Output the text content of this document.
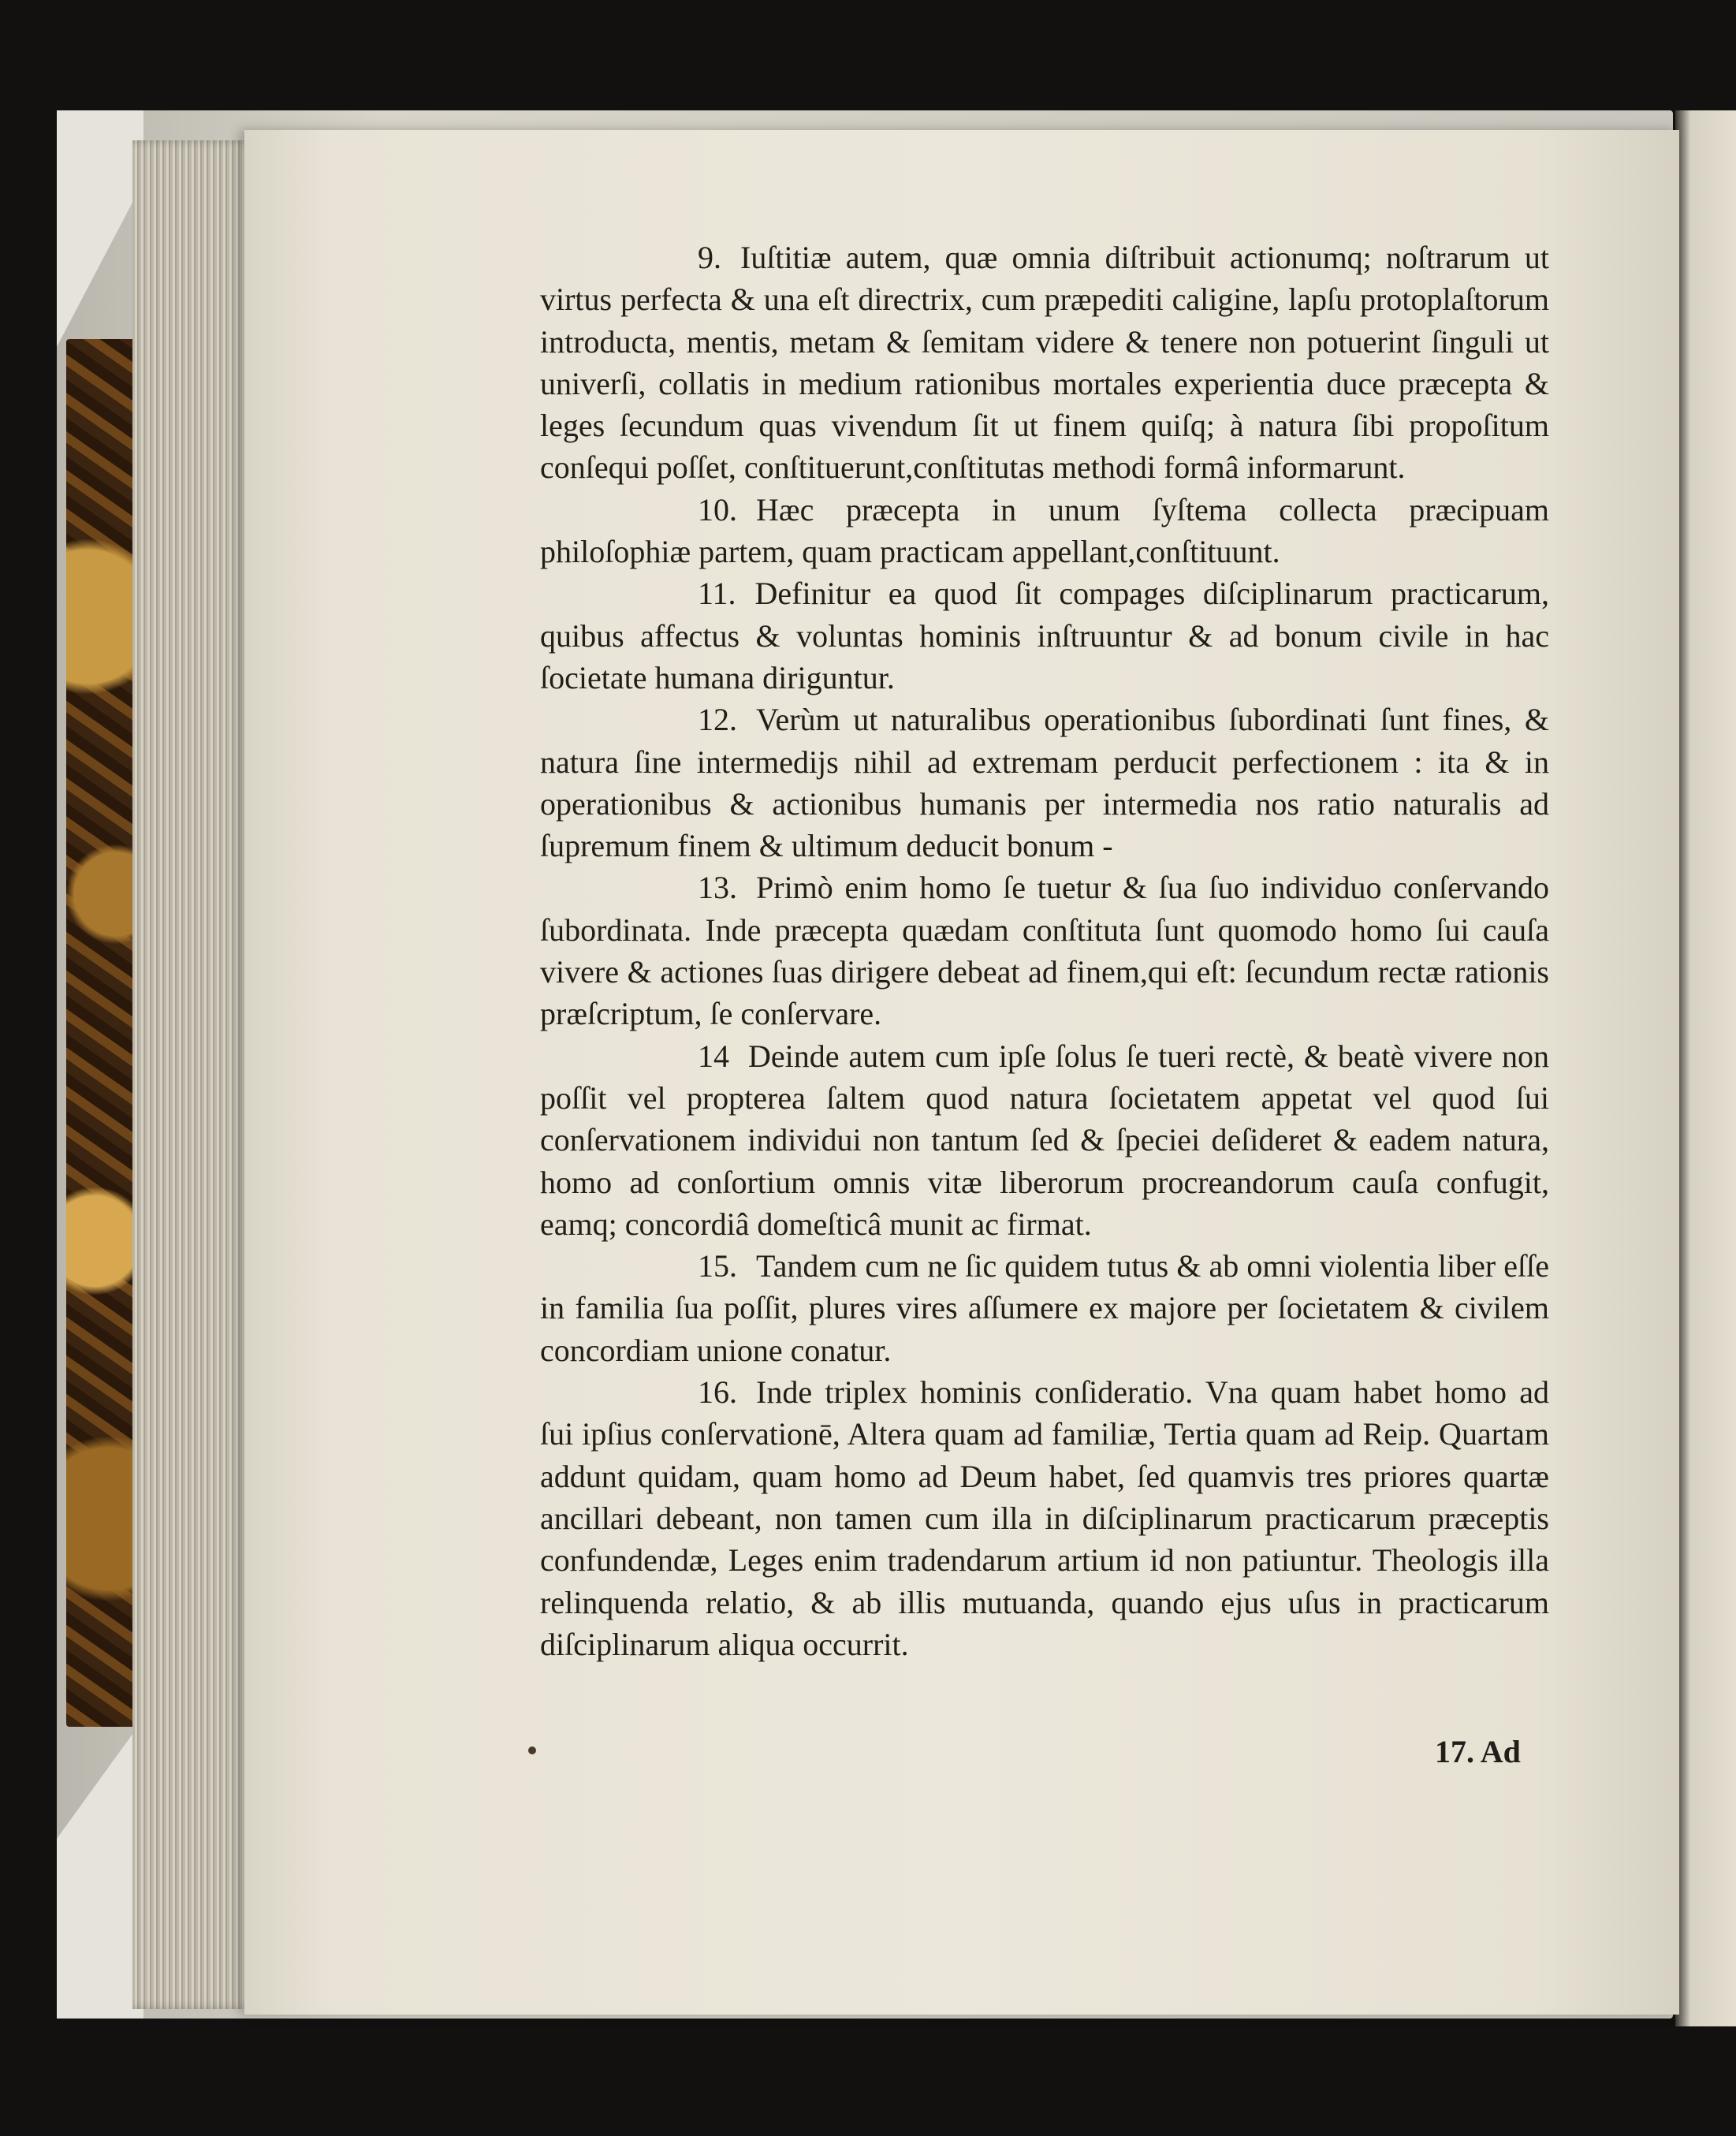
9. Iuſtitiæ autem, quæ omnia diſtribuit actionumq; noſtrarum ut virtus perfecta & una eſt directrix, cum præpediti caligine, lapſu protoplaſtorum introducta, mentis, metam & ſemitam videre & tenere non potuerint ſinguli ut univerſi, collatis in medium rationibus mortales experientia duce præcepta & leges ſecundum quas vivendum ſit ut finem quiſq; à natura ſibi propoſitum conſequi poſſet, conſtituerunt,conſtitutas methodi formâ informarunt.

10. Hæc præcepta in unum ſyſtema collecta præcipuam philoſophiæ partem, quam practicam appellant,conſtituunt.

11. Definitur ea quod ſit compages diſciplinarum practicarum, quibus affectus & voluntas hominis inſtruuntur & ad bonum civile in hac ſocietate humana diriguntur.

12. Verùm ut naturalibus operationibus ſubordinati ſunt fines, & natura ſine intermedijs nihil ad extremam perducit perfectionem : ita & in operationibus & actionibus humanis per intermedia nos ratio naturalis ad ſupremum finem & ultimum deducit bonum -

13. Primò enim homo ſe tuetur & ſua ſuo individuo conſervando ſubordinata. Inde præcepta quædam conſtituta ſunt quomodo homo ſui cauſa vivere & actiones ſuas dirigere debeat ad finem,qui eſt: ſecundum rectæ rationis præſcriptum, ſe conſervare.

14 Deinde autem cum ipſe ſolus ſe tueri rectè, & beatè vivere non poſſit vel propterea ſaltem quod natura ſocietatem appetat vel quod ſui conſervationem individui non tantum ſed & ſpeciei deſideret & eadem natura, homo ad conſortium omnis vitæ liberorum procreandorum cauſa confugit, eamq; concordiâ domeſticâ munit ac firmat.

15. Tandem cum ne ſic quidem tutus & ab omni violentia liber eſſe in familia ſua poſſit, plures vires aſſumere ex majore per ſocietatem & civilem concordiam unione conatur.

16. Inde triplex hominis conſideratio. Vna quam habet homo ad ſui ipſius conſervationē, Altera quam ad familiæ, Tertia quam ad Reip. Quartam addunt quidam, quam homo ad Deum habet, ſed quamvis tres priores quartæ ancillari debeant, non tamen cum illa in diſciplinarum practicarum præceptis confundendæ, Leges enim tradendarum artium id non patiuntur. Theologis illa relinquenda relatio, & ab illis mutuanda, quando ejus uſus in practicarum diſciplinarum aliqua occurrit.

17. Ad
